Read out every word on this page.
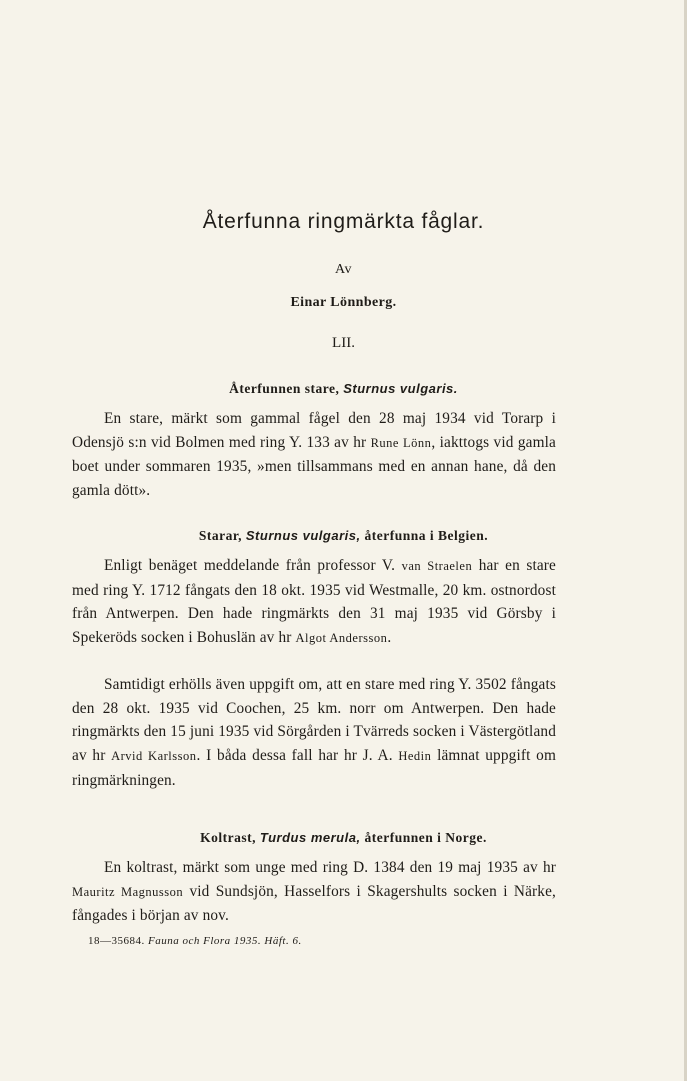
Återfunna ringmärkta fåglar.
Av
Einar Lönnberg.
LII.
Återfunnen stare, Sturnus vulgaris.
En stare, märkt som gammal fågel den 28 maj 1934 vid Torarp i Odensjö s:n vid Bolmen med ring Y. 133 av hr Rune Lönn, iakttogs vid gamla boet under sommaren 1935, »men tillsammans med en annan hane, då den gamla dött».
Starar, Sturnus vulgaris, återfunna i Belgien.
Enligt benäget meddelande från professor V. van Straelen har en stare med ring Y. 1712 fångats den 18 okt. 1935 vid Westmalle, 20 km. ostnordost från Antwerpen. Den hade ringmärkts den 31 maj 1935 vid Görsby i Spekeröds socken i Bohuslän av hr Algot Andersson.
Samtidigt erhölls även uppgift om, att en stare med ring Y. 3502 fångats den 28 okt. 1935 vid Coochen, 25 km. norr om Antwerpen. Den hade ringmärkts den 15 juni 1935 vid Sörgården i Tvärreds socken i Västergötland av hr Arvid Karlsson. I båda dessa fall har hr J. A. Hedin lämnat uppgift om ringmärkningen.
Koltrast, Turdus merula, återfunnen i Norge.
En koltrast, märkt som unge med ring D. 1384 den 19 maj 1935 av hr Mauritz Magnusson vid Sundsjön, Hasselfors i Skagershults socken i Närke, fångades i början av nov.
18—35684. Fauna och Flora 1935. Häft. 6.
